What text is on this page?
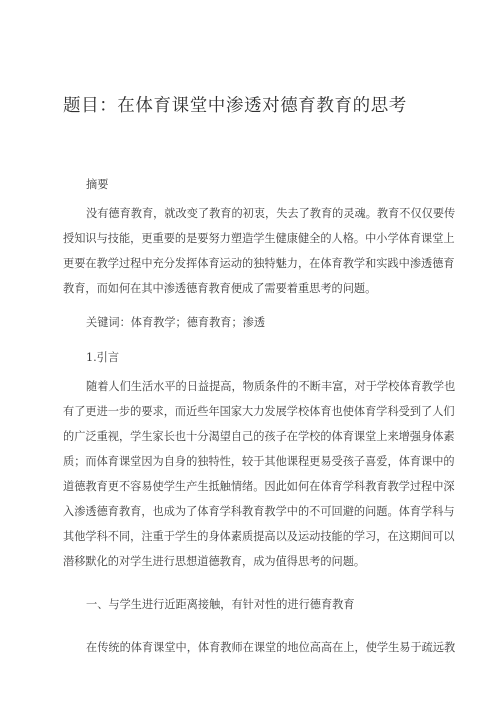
题目：在体育课堂中渗透对德育教育的思考
摘要
没有德育教育，就改变了教育的初衷，失去了教育的灵魂。教育不仅仅要传
授知识与技能，更重要的是要努力塑造学生健康健全的人格。中小学体育课堂上
更要在教学过程中充分发挥体育运动的独特魅力，在体育教学和实践中渗透德育
教育，而如何在其中渗透德育教育便成了需要着重思考的问题。
关键词：体育教学；德育教育；渗透
1.引言
随着人们生活水平的日益提高，物质条件的不断丰富，对于学校体育教学也
有了更进一步的要求，而近些年国家大力发展学校体育也使体育学科受到了人们
的广泛重视，学生家长也十分渴望自己的孩子在学校的体育课堂上来增强身体素
质；而体育课堂因为自身的独特性，较于其他课程更易受孩子喜爱，体育课中的
道德教育更不容易使学生产生抵触情绪。因此如何在体育学科教育教学过程中深
入渗透德育教育，也成为了体育学科教育教学中的不可回避的问题。体育学科与
其他学科不同，注重于学生的身体素质提高以及运动技能的学习，在这期间可以
潜移默化的对学生进行思想道德教育，成为值得思考的问题。
一、与学生进行近距离接触，有针对性的进行德育教育
在传统的体育课堂中，体育教师在课堂的地位高高在上，使学生易于疏远教
